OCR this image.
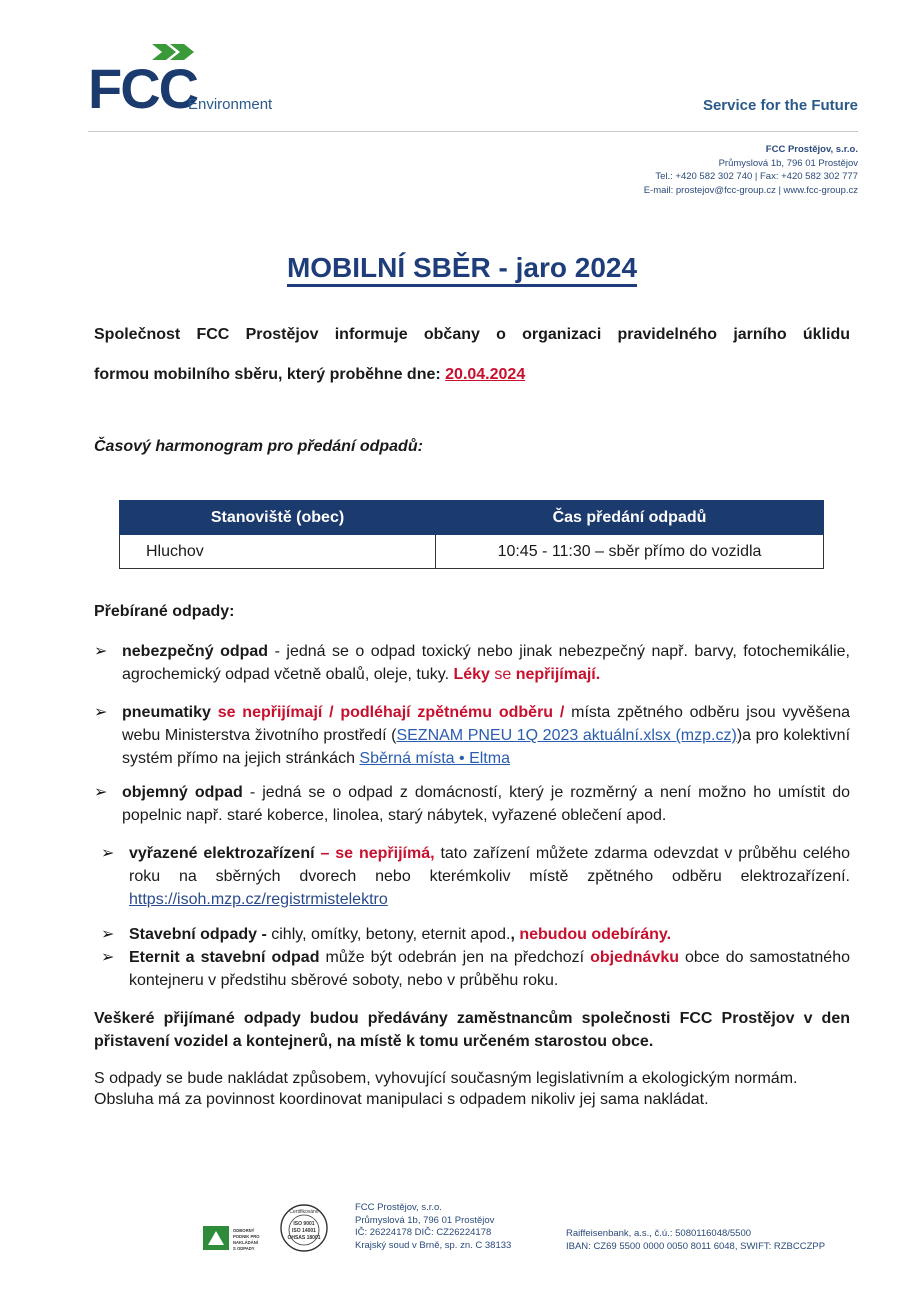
FCC
Environment	Service for the Future
FCC Prostějov, s.r.o.
Průmyslová 1b, 796 01 Prostějov
Tel.: +420 582 302 740 | Fax: +420 582 302 777
E-mail: prostejov@fcc-group.cz | www.fcc-group.cz
MOBILNÍ SBĚR - jaro 2024
Společnost FCC Prostějov informuje občany o organizaci pravidelného jarního úklidu
formou mobilního sběru, který proběhne dne: 20.04.2024
Časový harmonogram pro předání odpadů:
Stanoviště (obec)	Čas předání odpadů
Hluchov	10:45 - 11:30 – sběr přímo do vozidla
Přebírané odpady:
➢ nebezpečný odpad - jedná se o odpad toxický nebo jinak nebezpečný např. barvy, fotochemikálie, agrochemický odpad včetně obalů, oleje, tuky. Léky se nepřijímají.
➢ pneumatiky se nepřijímají / podléhají zpětnému odběru / místa zpětného odběru jsou vyvěšena webu Ministerstva životního prostředí (SEZNAM PNEU 1Q 2023 aktuální.xlsx (mzp.cz))a pro kolektivní systém přímo na jejich stránkách Sběrná místa • Eltma
➢ objemný odpad - jedná se o odpad z domácností, který je rozměrný a není možno ho umístit do popelnic např. staré koberce, linolea, starý nábytek, vyřazené oblečení apod.
➢ vyřazené elektrozařízení – se nepřijímá, tato zařízení můžete zdarma odevzdat v průběhu celého roku na sběrných dvorech nebo kterémkoliv místě zpětného odběru elektrozařízení. https://isoh.mzp.cz/registrmistelektro
➢ Stavební odpady - cihly, omítky, betony, eternit apod., nebudou odebírány.
➢ Eternit a stavební odpad může být odebrán jen na předchozí objednávku obce do samostatného kontejneru v předstihu sběrové soboty, nebo v průběhu roku.
Veškeré přijímané odpady budou předávány zaměstnancům společnosti FCC Prostějov v den přistavení vozidel a kontejnerů, na místě k tomu určeném starostou obce.
S odpady se bude nakládat způsobem, vyhovující současným legislativním a ekologickým normám. Obsluha má za povinnost koordinovat manipulaci s odpadem nikoliv jej sama nakládat.
ODBORNÝ
PODNIK PRO
NAKLÁDÁNÍ
S ODPADY
Certifikováno
ISO 9001
ISO 14001
OHSAS 18001
FCC Prostějov, s.r.o.
Průmyslová 1b, 796 01 Prostějov
IČ: 26224178 DIČ: CZ26224178
Krajský soud v Brně, sp. zn. C 38133
Raiffeisenbank, a.s., č.ú.: 5080116048/5500
IBAN: CZ69 5500 0000 0050 8011 6048, SWIFT: RZBCCZPP
